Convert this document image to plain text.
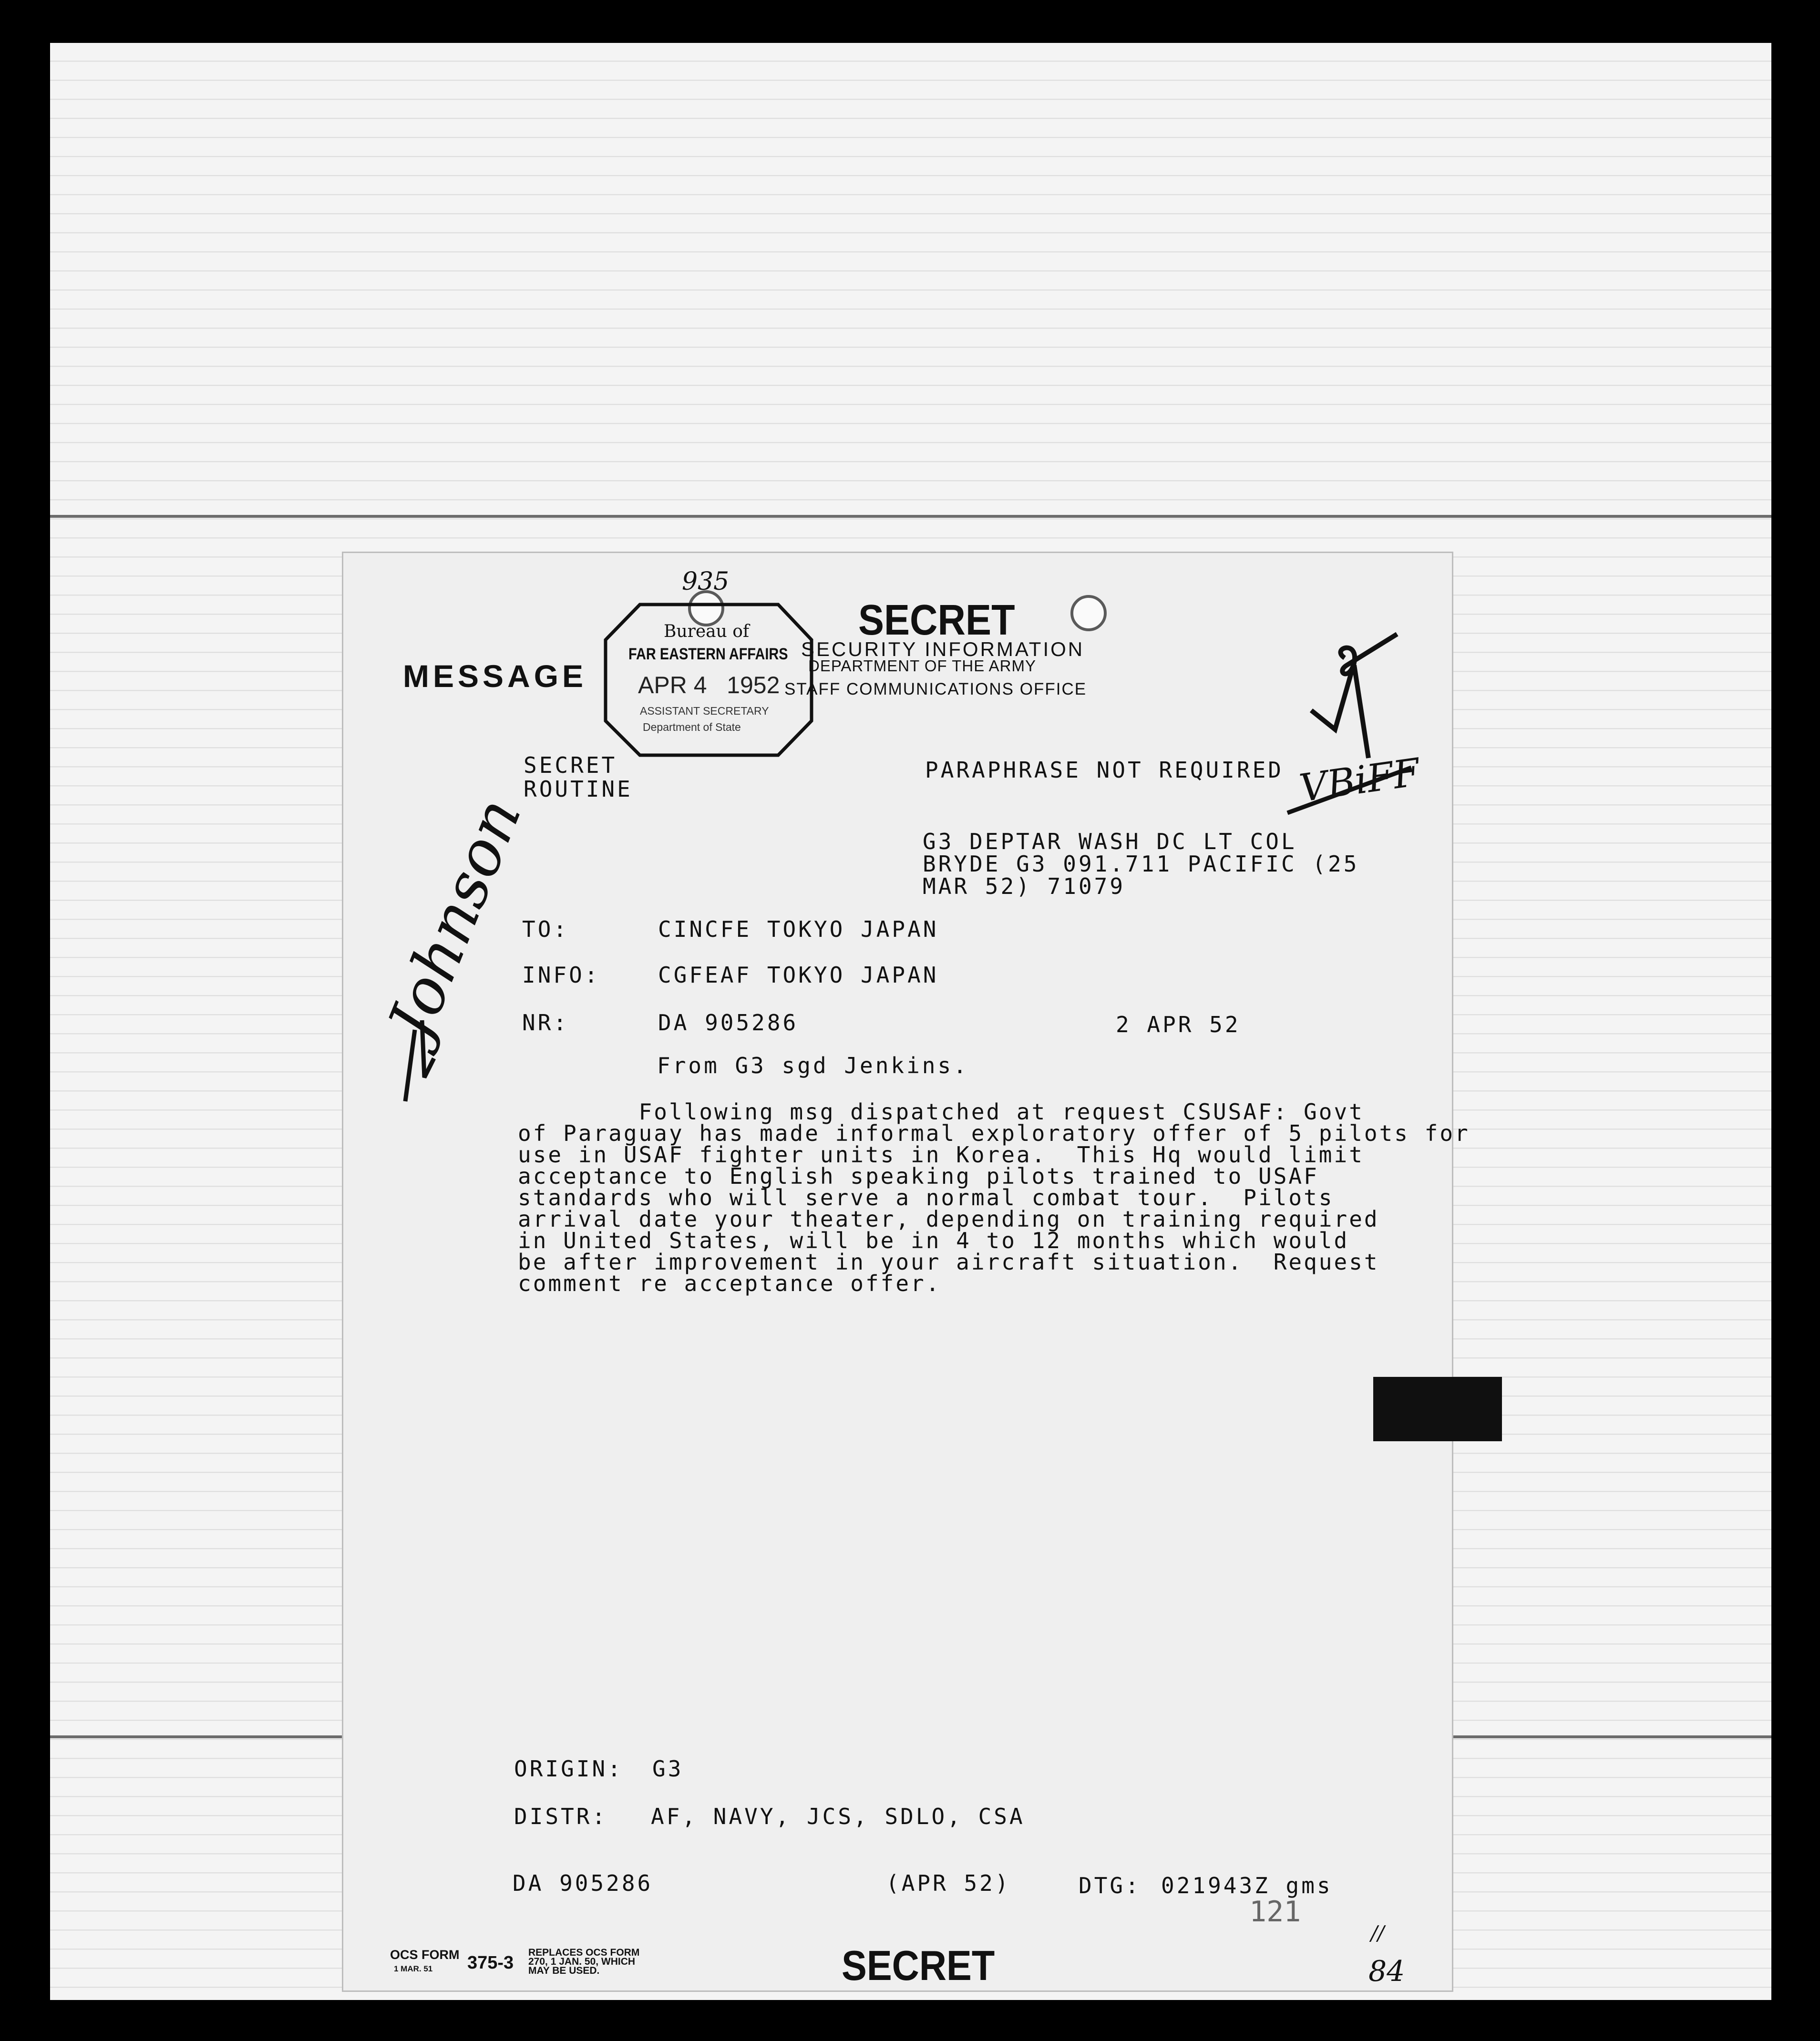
MESSAGE
SECRET
SECURITY INFORMATION
DEPARTMENT OF THE ARMY
STAFF COMMUNICATIONS OFFICE
Bureau of
FAR EASTERN AFFAIRS
APR 4   1952
ASSISTANT SECRETARY
Department of State
935
SECRET
ROUTINE
PARAPHRASE NOT REQUIRED
G3 DEPTAR WASH DC LT COL
BRYDE G3 091.711 PACIFIC (25
MAR 52) 71079
TO:	CINCFE TOKYO JAPAN
INFO:	CGFEAF TOKYO JAPAN
NR:	DA 905286	2 APR 52
From G3 sgd Jenkins.
Following msg dispatched at request CSUSAF: Govt
of Paraguay has made informal exploratory offer of 5 pilots for
use in USAF fighter units in Korea.  This Hq would limit
acceptance to English speaking pilots trained to USAF
standards who will serve a normal combat tour.  Pilots
arrival date your theater, depending on training required
in United States, will be in 4 to 12 months which would
be after improvement in your aircraft situation.  Request
comment re acceptance offer.
ORIGIN: G3
DISTR: AF, NAVY, JCS, SDLO, CSA
DA 905286	(APR 52)	DTG: 021943Z gms
121
OCS FORM
1 MAR. 51 375-3
REPLACES OCS FORM
270, 1 JAN. 50, WHICH
MAY BE USED.	SECRET
Johnson
VBiFF
//
84
